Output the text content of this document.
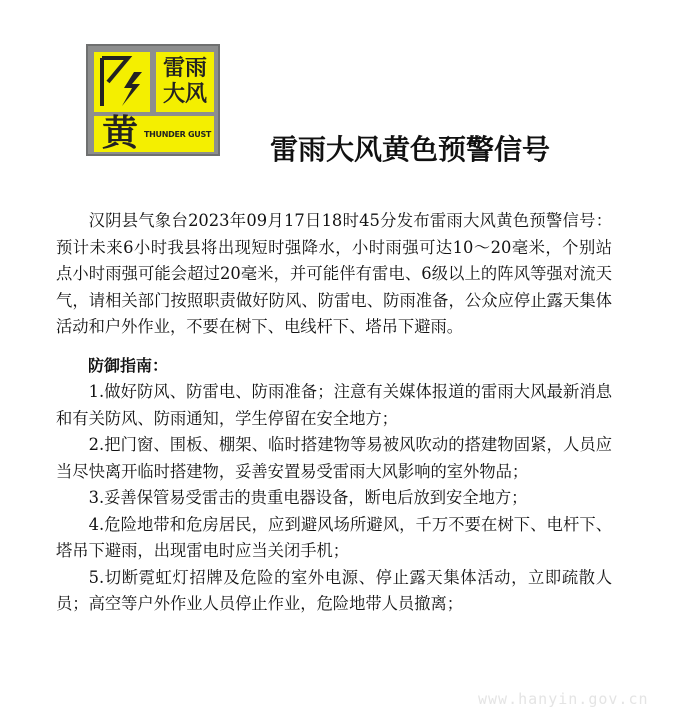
雷雨
大风
黄 THUNDER GUST 雷雨大风黄色预警信号

汉阴县气象台2023年09月17日18时45分发布雷雨大风黄色预警信号：预计未来6小时我县将出现短时强降水，小时雨强可达10～20毫米，个别站点小时雨强可能会超过20毫米，并可能伴有雷电、6级以上的阵风等强对流天气，请相关部门按照职责做好防风、防雷电、防雨准备，公众应停止露天集体活动和户外作业，不要在树下、电线杆下、塔吊下避雨。

防御指南：

1.做好防风、防雷电、防雨准备；注意有关媒体报道的雷雨大风最新消息和有关防风、防雨通知，学生停留在安全地方；

2.把门窗、围板、棚架、临时搭建物等易被风吹动的搭建物固紧，人员应当尽快离开临时搭建物，妥善安置易受雷雨大风影响的室外物品；

3.妥善保管易受雷击的贵重电器设备，断电后放到安全地方；

4.危险地带和危房居民，应到避风场所避风，千万不要在树下、电杆下、塔吊下避雨，出现雷电时应当关闭手机；

5.切断霓虹灯招牌及危险的室外电源、停止露天集体活动，立即疏散人员；高空等户外作业人员停止作业，危险地带人员撤离；

www.hanyin.gov.cn
